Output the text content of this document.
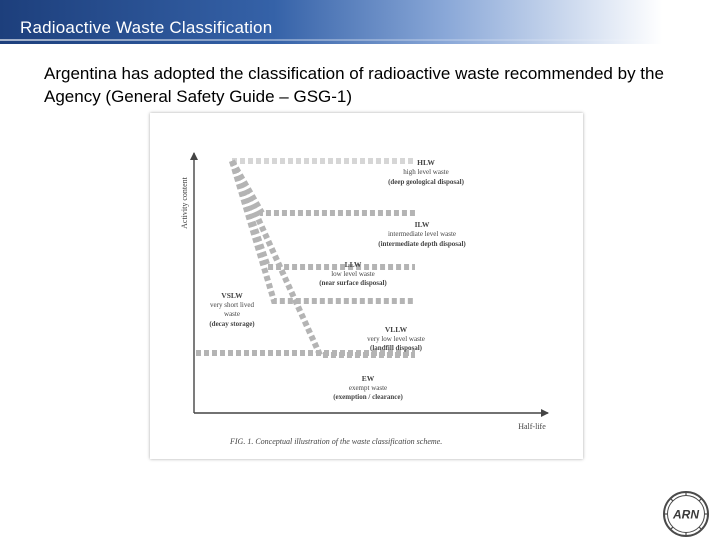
Radioactive Waste Classification
Argentina has adopted the classification of radioactive waste recommended by the Agency (General Safety Guide – GSG-1)
Activity content
Half-life
HLW
high level waste
(deep geological disposal)
ILW
intermediate level waste
(intermediate depth disposal)
LLW
low level waste
(near surface disposal)
VSLW
very short lived
waste
(decay storage)
VLLW
very low level waste
(landfill disposal)
EW
exempt waste
(exemption / clearance)
FIG. 1. Conceptual illustration of the waste classification scheme.
ARN
